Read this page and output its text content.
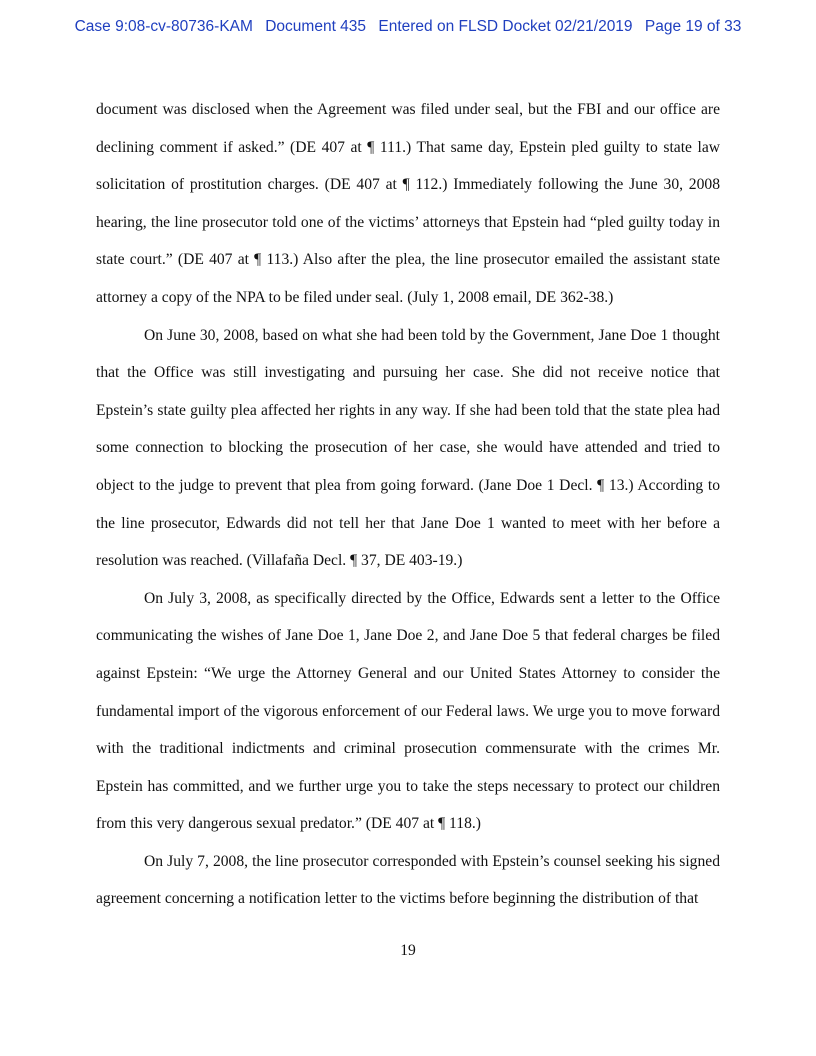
Case 9:08-cv-80736-KAM Document 435 Entered on FLSD Docket 02/21/2019 Page 19 of 33

document was disclosed when the Agreement was filed under seal, but the FBI and our office are declining comment if asked.” (DE 407 at ¶ 111.) That same day, Epstein pled guilty to state law solicitation of prostitution charges. (DE 407 at ¶ 112.) Immediately following the June 30, 2008 hearing, the line prosecutor told one of the victims’ attorneys that Epstein had “pled guilty today in state court.” (DE 407 at ¶ 113.) Also after the plea, the line prosecutor emailed the assistant state attorney a copy of the NPA to be filed under seal. (July 1, 2008 email, DE 362-38.)

On June 30, 2008, based on what she had been told by the Government, Jane Doe 1 thought that the Office was still investigating and pursuing her case. She did not receive notice that Epstein’s state guilty plea affected her rights in any way. If she had been told that the state plea had some connection to blocking the prosecution of her case, she would have attended and tried to object to the judge to prevent that plea from going forward. (Jane Doe 1 Decl. ¶ 13.) According to the line prosecutor, Edwards did not tell her that Jane Doe 1 wanted to meet with her before a resolution was reached. (Villafaña Decl. ¶ 37, DE 403-19.)

On July 3, 2008, as specifically directed by the Office, Edwards sent a letter to the Office communicating the wishes of Jane Doe 1, Jane Doe 2, and Jane Doe 5 that federal charges be filed against Epstein: “We urge the Attorney General and our United States Attorney to consider the fundamental import of the vigorous enforcement of our Federal laws. We urge you to move forward with the traditional indictments and criminal prosecution commensurate with the crimes Mr. Epstein has committed, and we further urge you to take the steps necessary to protect our children from this very dangerous sexual predator.” (DE 407 at ¶ 118.)

On July 7, 2008, the line prosecutor corresponded with Epstein’s counsel seeking his signed agreement concerning a notification letter to the victims before beginning the distribution of that

19
